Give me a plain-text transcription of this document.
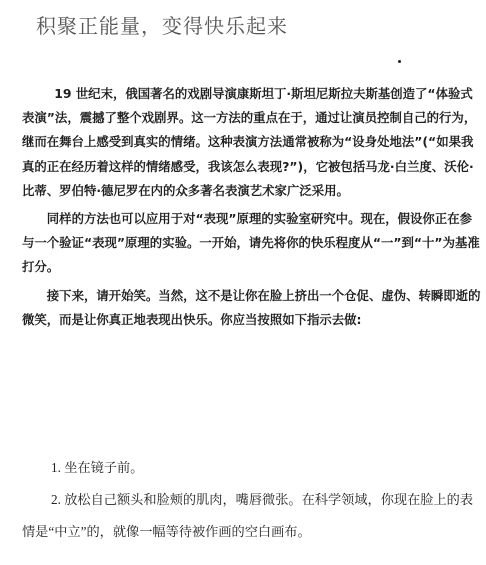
积聚正能量，变得快乐起来

19 世纪末，俄国著名的戏剧导演康斯坦丁·斯坦尼斯拉夫斯基创造了“体验式表演”法，震撼了整个戏剧界。这一方法的重点在于，通过让演员控制自己的行为，继而在舞台上感受到真实的情绪。这种表演方法通常被称为“设身处地法”(“如果我真的正在经历着这样的情绪感受，我该怎么表现?”)，它被包括马龙·白兰度、沃伦·比蒂、罗伯特·德尼罗在内的众多著名表演艺术家广泛采用。

同样的方法也可以应用于对“表现”原理的实验室研究中。现在，假设你正在参与一个验证“表现”原理的实验。一开始，请先将你的快乐程度从“一”到“十”为基准打分。

接下来，请开始笑。当然，这不是让你在脸上挤出一个仓促、虚伪、转瞬即逝的微笑，而是让你真正地表现出快乐。你应当按照如下指示去做:

1. 坐在镜子前。

2. 放松自己额头和脸颊的肌肉，嘴唇微张。在科学领域，你现在脸上的表情是“中立”的，就像一幅等待被作画的空白画布。
